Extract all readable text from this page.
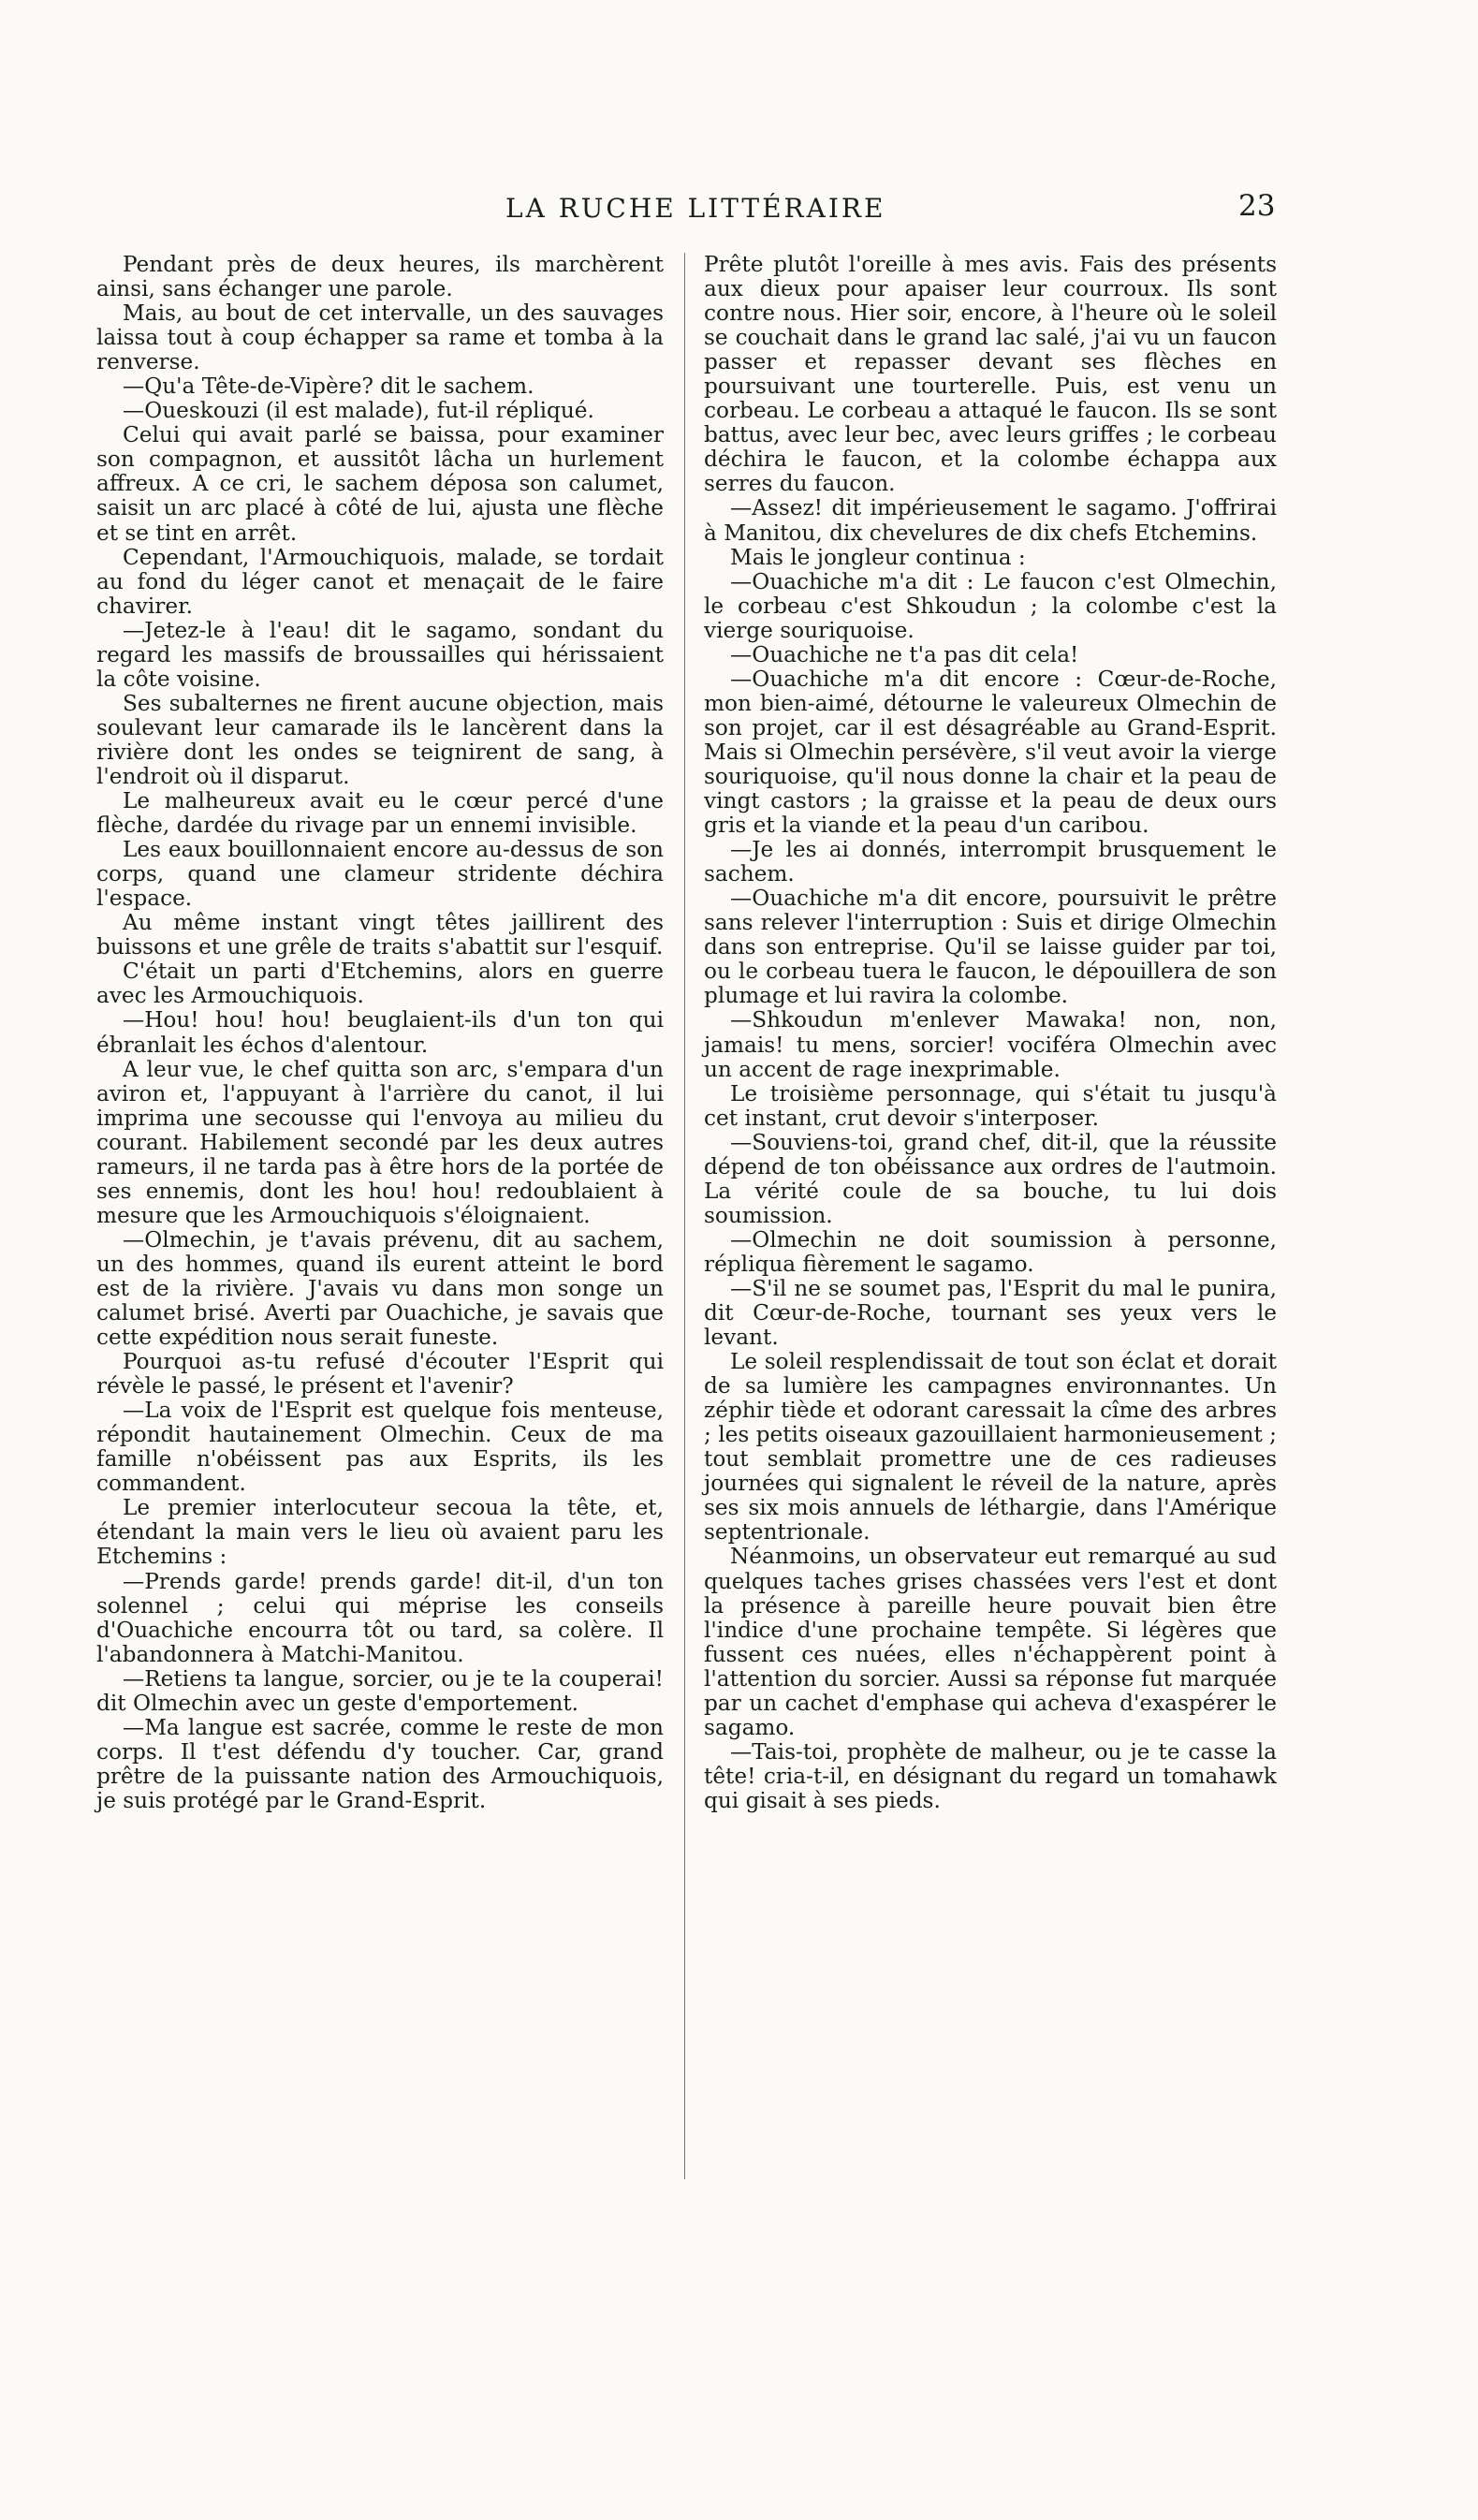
LA RUCHE LITTÉRAIRE	23

Pendant près de deux heures, ils marchèrent ainsi, sans échanger une parole.

Mais, au bout de cet intervalle, un des sauvages laissa tout à coup échapper sa rame et tomba à la renverse.

—Qu'a Tête-de-Vipère? dit le sachem.

—Oueskouzi (il est malade), fut-il répliqué.

Celui qui avait parlé se baissa, pour examiner son compagnon, et aussitôt lâcha un hurlement affreux. A ce cri, le sachem déposa son calumet, saisit un arc placé à côté de lui, ajusta une flèche et se tint en arrêt.

Cependant, l'Armouchiquois, malade, se tordait au fond du léger canot et menaçait de le faire chavirer.

—Jetez-le à l'eau! dit le sagamo, sondant du regard les massifs de broussailles qui hérissaient la côte voisine.

Ses subalternes ne firent aucune objection, mais soulevant leur camarade ils le lancèrent dans la rivière dont les ondes se teignirent de sang, à l'endroit où il disparut.

Le malheureux avait eu le cœur percé d'une flèche, dardée du rivage par un ennemi invisible.

Les eaux bouillonnaient encore au-dessus de son corps, quand une clameur stridente déchira l'espace.

Au même instant vingt têtes jaillirent des buissons et une grêle de traits s'abattit sur l'esquif.

C'était un parti d'Etchemins, alors en guerre avec les Armouchiquois.

—Hou! hou! hou! beuglaient-ils d'un ton qui ébranlait les échos d'alentour.

A leur vue, le chef quitta son arc, s'empara d'un aviron et, l'appuyant à l'arrière du canot, il lui imprima une secousse qui l'envoya au milieu du courant. Habilement secondé par les deux autres rameurs, il ne tarda pas à être hors de la portée de ses ennemis, dont les hou! hou! redoublaient à mesure que les Armouchiquois s'éloignaient.

—Olmechin, je t'avais prévenu, dit au sachem, un des hommes, quand ils eurent atteint le bord est de la rivière. J'avais vu dans mon songe un calumet brisé. Averti par Ouachiche, je savais que cette expédition nous serait funeste.

Pourquoi as-tu refusé d'écouter l'Esprit qui révèle le passé, le présent et l'avenir?

—La voix de l'Esprit est quelque fois menteuse, répondit hautainement Olmechin. Ceux de ma famille n'obéissent pas aux Esprits, ils les commandent.

Le premier interlocuteur secoua la tête, et, étendant la main vers le lieu où avaient paru les Etchemins :

—Prends garde! prends garde! dit-il, d'un ton solennel ; celui qui méprise les conseils d'Ouachiche encourra tôt ou tard, sa colère. Il l'abandonnera à Matchi-Manitou.

—Retiens ta langue, sorcier, ou je te la couperai! dit Olmechin avec un geste d'emportement.

—Ma langue est sacrée, comme le reste de mon corps. Il t'est défendu d'y toucher. Car, grand prêtre de la puissante nation des Armouchiquois, je suis protégé par le Grand-Esprit.

Prête plutôt l'oreille à mes avis. Fais des présents aux dieux pour apaiser leur courroux. Ils sont contre nous. Hier soir, encore, à l'heure où le soleil se couchait dans le grand lac salé, j'ai vu un faucon passer et repasser devant ses flèches en poursuivant une tourterelle. Puis, est venu un corbeau. Le corbeau a attaqué le faucon. Ils se sont battus, avec leur bec, avec leurs griffes ; le corbeau déchira le faucon, et la colombe échappa aux serres du faucon.

—Assez! dit impérieusement le sagamo. J'offrirai à Manitou, dix chevelures de dix chefs Etchemins.

Mais le jongleur continua :

—Ouachiche m'a dit : Le faucon c'est Olmechin, le corbeau c'est Shkoudun ; la colombe c'est la vierge souriquoise.

—Ouachiche ne t'a pas dit cela!

—Ouachiche m'a dit encore : Cœur-de-Roche, mon bien-aimé, détourne le valeureux Olmechin de son projet, car il est désagréable au Grand-Esprit. Mais si Olmechin persévère, s'il veut avoir la vierge souriquoise, qu'il nous donne la chair et la peau de vingt castors ; la graisse et la peau de deux ours gris et la viande et la peau d'un caribou.

—Je les ai donnés, interrompit brusquement le sachem.

—Ouachiche m'a dit encore, poursuivit le prêtre sans relever l'interruption : Suis et dirige Olmechin dans son entreprise. Qu'il se laisse guider par toi, ou le corbeau tuera le faucon, le dépouillera de son plumage et lui ravira la colombe.

—Shkoudun m'enlever Mawaka! non, non, jamais! tu mens, sorcier! vociféra Olmechin avec un accent de rage inexprimable.

Le troisième personnage, qui s'était tu jusqu'à cet instant, crut devoir s'interposer.

—Souviens-toi, grand chef, dit-il, que la réussite dépend de ton obéissance aux ordres de l'autmoin. La vérité coule de sa bouche, tu lui dois soumission.

—Olmechin ne doit soumission à personne, répliqua fièrement le sagamo.

—S'il ne se soumet pas, l'Esprit du mal le punira, dit Cœur-de-Roche, tournant ses yeux vers le levant.

Le soleil resplendissait de tout son éclat et dorait de sa lumière les campagnes environnantes. Un zéphir tiède et odorant caressait la cîme des arbres ; les petits oiseaux gazouillaient harmonieusement ; tout semblait promettre une de ces radieuses journées qui signalent le réveil de la nature, après ses six mois annuels de léthargie, dans l'Amérique septentrionale.

Néanmoins, un observateur eut remarqué au sud quelques taches grises chassées vers l'est et dont la présence à pareille heure pouvait bien être l'indice d'une prochaine tempête. Si légères que fussent ces nuées, elles n'échappèrent point à l'attention du sorcier. Aussi sa réponse fut marquée par un cachet d'emphase qui acheva d'exaspérer le sagamo.

—Tais-toi, prophète de malheur, ou je te casse la tête! cria-t-il, en désignant du regard un tomahawk qui gisait à ses pieds.
